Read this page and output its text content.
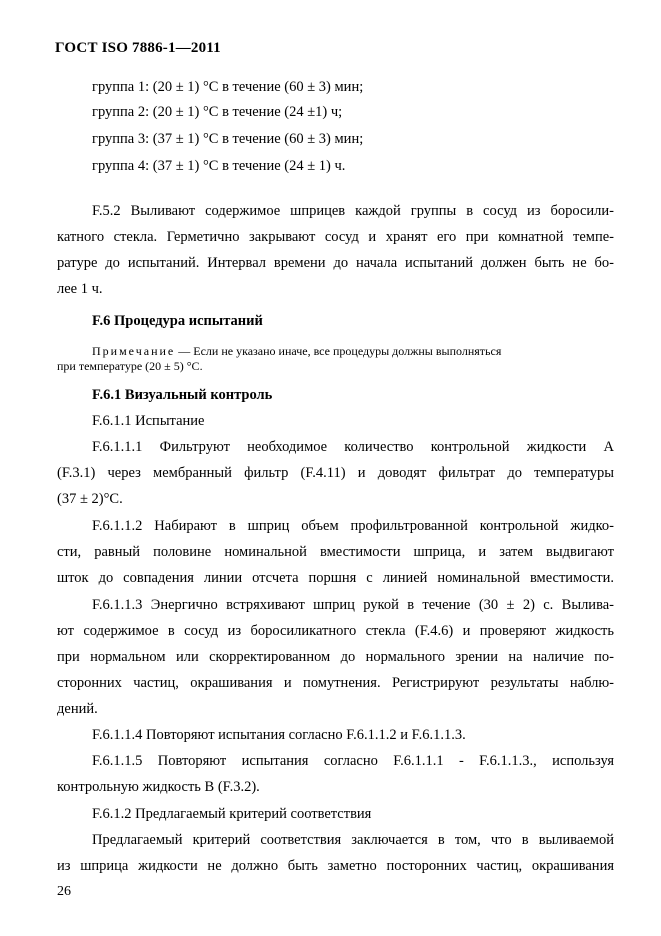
ГОСТ ISO 7886-1—2011
группа 1: (20 ± 1) °С в течение (60 ± 3) мин;
группа 2: (20 ± 1) °С в течение (24 ±1) ч;
группа 3: (37 ± 1) °С в течение (60 ± 3) мин;
группа 4: (37 ± 1) °С в течение (24 ± 1) ч.
F.5.2 Выливают содержимое шприцев каждой группы в сосуд из боросили-
катного стекла. Герметично закрывают сосуд и хранят его при комнатной темпе-
ратуре до испытаний. Интервал времени до начала испытаний должен быть не бо-
лее 1 ч.
F.6 Процедура испытаний
Примечание — Если не указано иначе, все процедуры должны выполняться
при температуре (20 ± 5) °С.
F.6.1 Визуальный контроль
F.6.1.1 Испытание
F.6.1.1.1 Фильтруют необходимое количество контрольной жидкости A
(F.3.1) через мембранный фильтр (F.4.11) и доводят фильтрат до температуры
(37 ± 2)°С.
F.6.1.1.2 Набирают в шприц объем профильтрованной контрольной жидко-
сти, равный половине номинальной вместимости шприца, и затем выдвигают
шток до совпадения линии отсчета поршня с линией номинальной вместимости.
F.6.1.1.3 Энергично встряхивают шприц рукой в течение (30 ± 2) с. Вылива-
ют содержимое в сосуд из боросиликатного стекла (F.4.6) и проверяют жидкость
при нормальном или скорректированном до нормального зрении на наличие по-
сторонних частиц, окрашивания и помутнения. Регистрируют результаты наблю-
дений.
F.6.1.1.4 Повторяют испытания согласно F.6.1.1.2 и F.6.1.1.3.
F.6.1.1.5 Повторяют испытания согласно F.6.1.1.1 - F.6.1.1.3., используя
контрольную жидкость B (F.3.2).
F.6.1.2 Предлагаемый критерий соответствия
Предлагаемый критерий соответствия заключается в том, что в выливаемой
из шприца жидкости не должно быть заметно посторонних частиц, окрашивания
26
